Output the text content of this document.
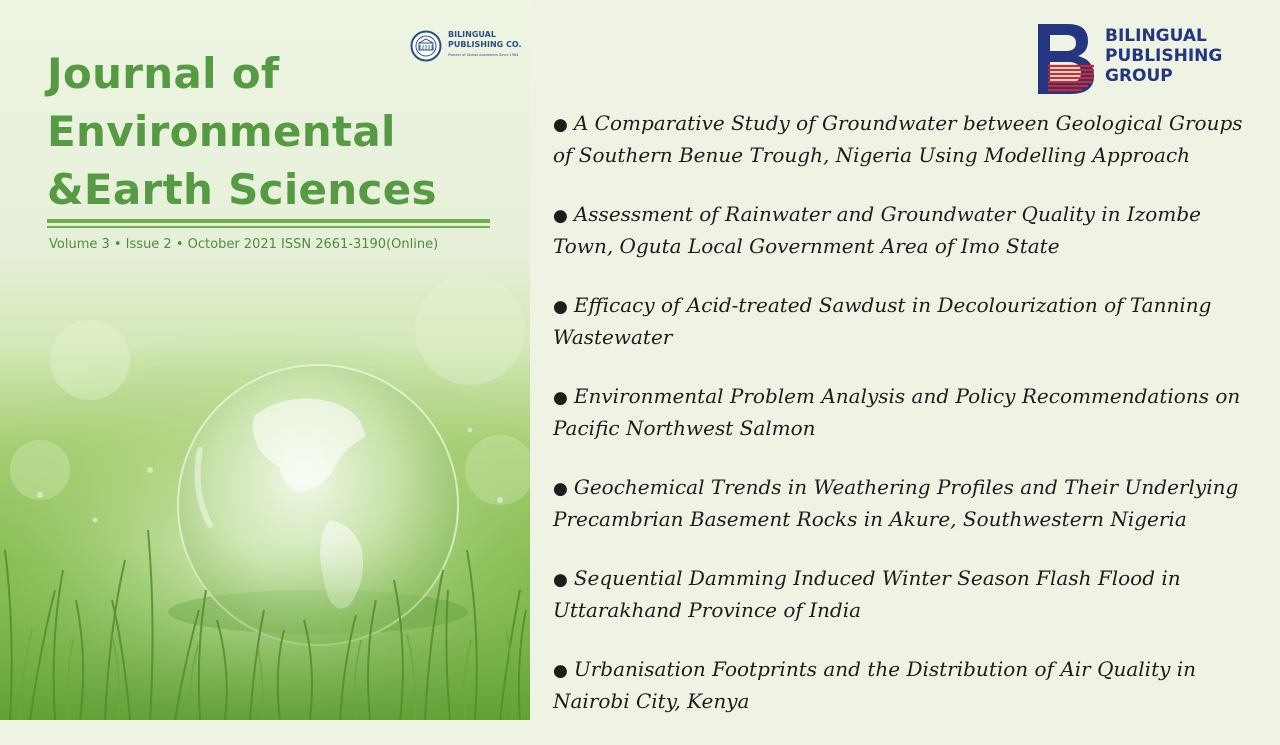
BILINGUAL
PUBLISHING CO.
Pioneer of Global Academics Since 1984
Journal of
Environmental
&Earth Sciences
Volume 3 • Issue 2 • October 2021 ISSN 2661-3190(Online)
BILINGUAL
PUBLISHING
GROUP
● A Comparative Study of Groundwater between Geological Groups of Southern Benue Trough, Nigeria Using Modelling Approach
● Assessment of Rainwater and Groundwater Quality in Izombe Town, Oguta Local Government Area of Imo State
● Efficacy of Acid-treated Sawdust in Decolourization of Tanning Wastewater
● Environmental Problem Analysis and Policy Recommendations on Pacific Northwest Salmon
● Geochemical Trends in Weathering Profiles and Their Underlying Precambrian Basement Rocks in Akure, Southwestern Nigeria
● Sequential Damming Induced Winter Season Flash Flood in Uttarakhand Province of India
● Urbanisation Footprints and the Distribution of Air Quality in Nairobi City, Kenya
